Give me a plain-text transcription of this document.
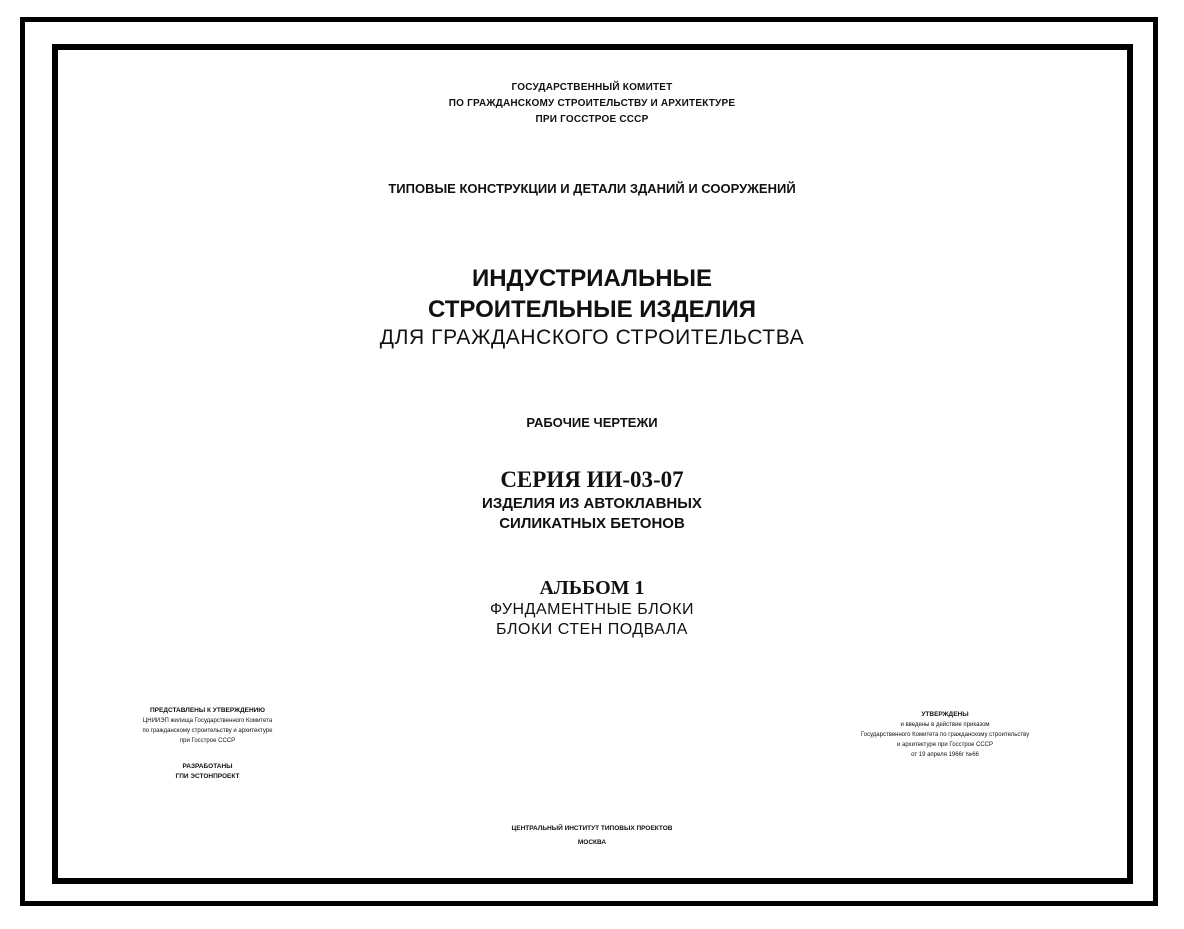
ГОСУДАРСТВЕННЫЙ КОМИТЕТ
ПО ГРАЖДАНСКОМУ СТРОИТЕЛЬСТВУ И АРХИТЕКТУРЕ
ПРИ ГОССТРОЕ СССР
ТИПОВЫЕ КОНСТРУКЦИИ И ДЕТАЛИ ЗДАНИЙ И СООРУЖЕНИЙ
ИНДУСТРИАЛЬНЫЕ
СТРОИТЕЛЬНЫЕ ИЗДЕЛИЯ
ДЛЯ ГРАЖДАНСКОГО СТРОИТЕЛЬСТВА
РАБОЧИЕ ЧЕРТЕЖИ
СЕРИЯ ИИ-03-07
ИЗДЕЛИЯ ИЗ АВТОКЛАВНЫХ
СИЛИКАТНЫХ БЕТОНОВ
АЛЬБОМ 1
ФУНДАМЕНТНЫЕ БЛОКИ
БЛОКИ СТЕН ПОДВАЛА
ПРЕДСТАВЛЕНЫ К УТВЕРЖДЕНИЮ
ЦНИИЭП жилища Государственного Комитета
по гражданскому строительству и архитектуре
при Госстрое СССР
РАЗРАБОТАНЫ
ГПИ ЭСТОНПРОЕКТ
УТВЕРЖДЕНЫ
и введены в действие приказом
Государственного Комитета по гражданскому строительству
и архитектуре при Госстрое СССР
от 19 апреля 1966г №66
ЦЕНТРАЛЬНЫЙ ИНСТИТУТ ТИПОВЫХ ПРОЕКТОВ
МОСКВА
